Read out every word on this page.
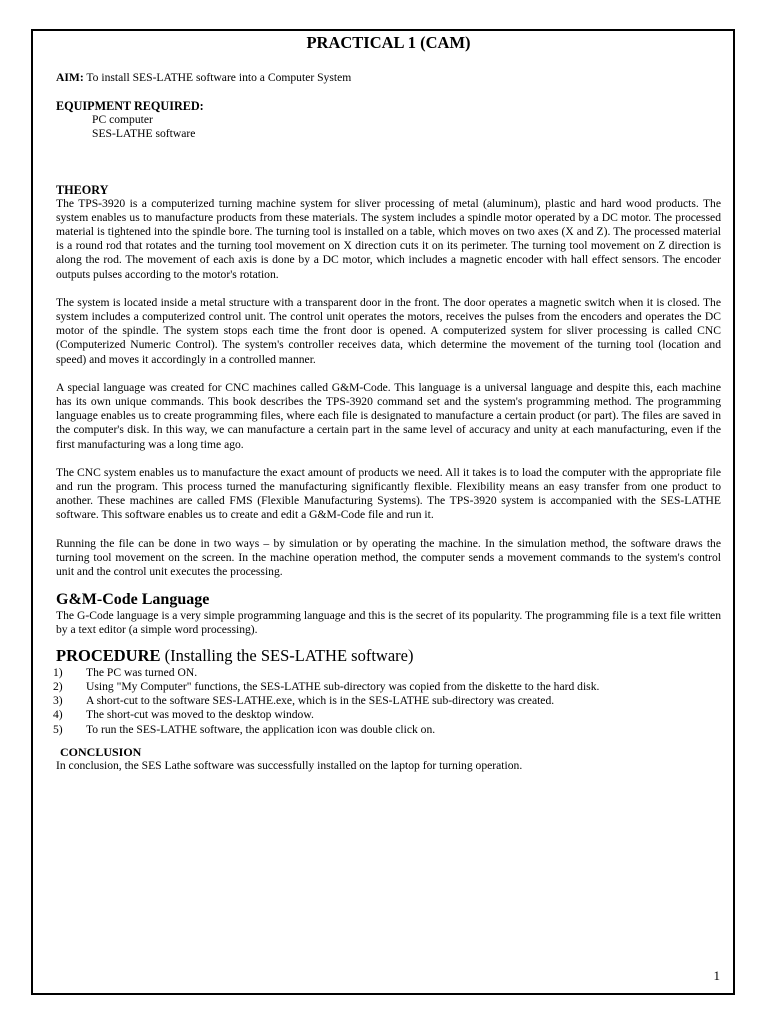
PRACTICAL 1 (CAM)

AIM: To install SES-LATHE software into a Computer System

EQUIPMENT REQUIRED:
PC computer
SES-LATHE software
THEORY

The TPS-3920 is a computerized turning machine system for sliver processing of metal (aluminum), plastic and hard wood products. The system enables us to manufacture products from these materials. The system includes a spindle motor operated by a DC motor. The processed material is tightened into the spindle bore. The turning tool is installed on a table, which moves on two axes (X and Z). The processed material is a round rod that rotates and the turning tool movement on X direction cuts it on its perimeter. The turning tool movement on Z direction is along the rod. The movement of each axis is done by a DC motor, which includes a magnetic encoder with hall effect sensors. The encoder outputs pulses according to the motor's rotation.

The system is located inside a metal structure with a transparent door in the front. The door operates a magnetic switch when it is closed. The system includes a computerized control unit. The control unit operates the motors, receives the pulses from the encoders and operates the DC motor of the spindle. The system stops each time the front door is opened. A computerized system for sliver processing is called CNC (Computerized Numeric Control). The system's controller receives data, which determine the movement of the turning tool (location and speed) and moves it accordingly in a controlled manner.

A special language was created for CNC machines called G&M-Code. This language is a universal language and despite this, each machine has its own unique commands. This book describes the TPS-3920 command set and the system's programming method. The programming language enables us to create programming files, where each file is designated to manufacture a certain product (or part). The files are saved in the computer's disk. In this way, we can manufacture a certain part in the same level of accuracy and unity at each manufacturing, even if the first manufacturing was a long time ago.

The CNC system enables us to manufacture the exact amount of products we need. All it takes is to load the computer with the appropriate file and run the program. This process turned the manufacturing significantly flexible. Flexibility means an easy transfer from one product to another. These machines are called FMS (Flexible Manufacturing Systems). The TPS-3920 system is accompanied with the SES-LATHE software. This software enables us to create and edit a G&M-Code file and run it.

Running the file can be done in two ways – by simulation or by operating the machine. In the simulation method, the software draws the turning tool movement on the screen. In the machine operation method, the computer sends a movement commands to the system's control unit and the control unit executes the processing.

G&M-Code Language

The G-Code language is a very simple programming language and this is the secret of its popularity. The programming file is a text file written by a text editor (a simple word processing).

PROCEDURE (Installing the SES-LATHE software)
1)	The PC was turned ON.
2)	Using "My Computer" functions, the SES-LATHE sub-directory was copied from the diskette to the hard disk.
3)	A short-cut to the software SES-LATHE.exe, which is in the SES-LATHE sub-directory was created.
4)	The short-cut was moved to the desktop window.
5)	To run the SES-LATHE software, the application icon was double click on.
CONCLUSION

In conclusion, the SES Lathe software was successfully installed on the laptop for turning operation.

1
